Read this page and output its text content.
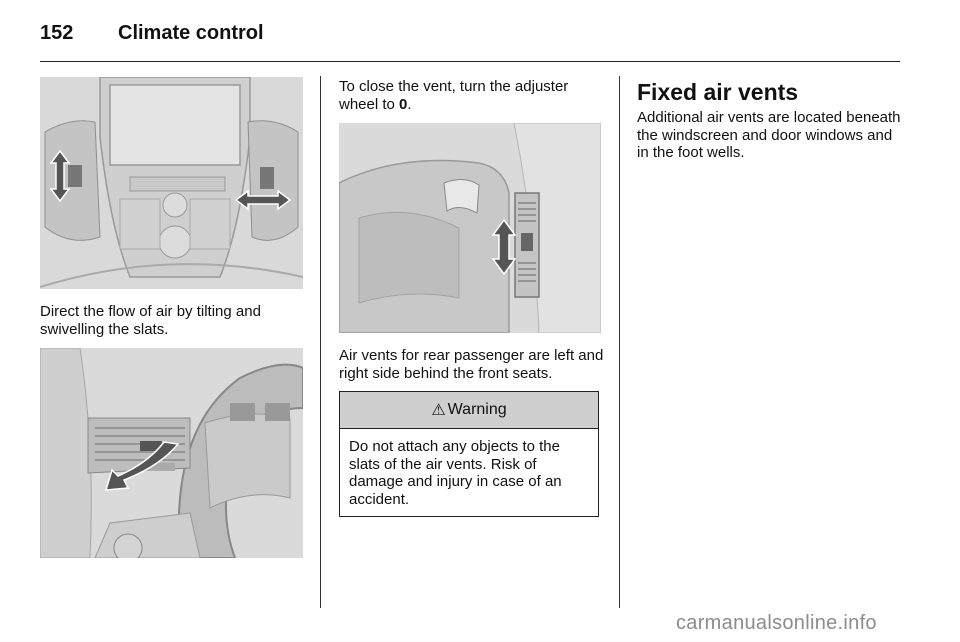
152 Climate control
Direct the flow of air by tilting and swivelling the slats.
To close the vent, turn the adjuster wheel to 0.
Air vents for rear passenger are left and right side behind the front seats.
⚠ Warning
Do not attach any objects to the slats of the air vents. Risk of damage and injury in case of an accident.
Fixed air vents
Additional air vents are located beneath the windscreen and door windows and in the foot wells.
carmanualsonline.info
